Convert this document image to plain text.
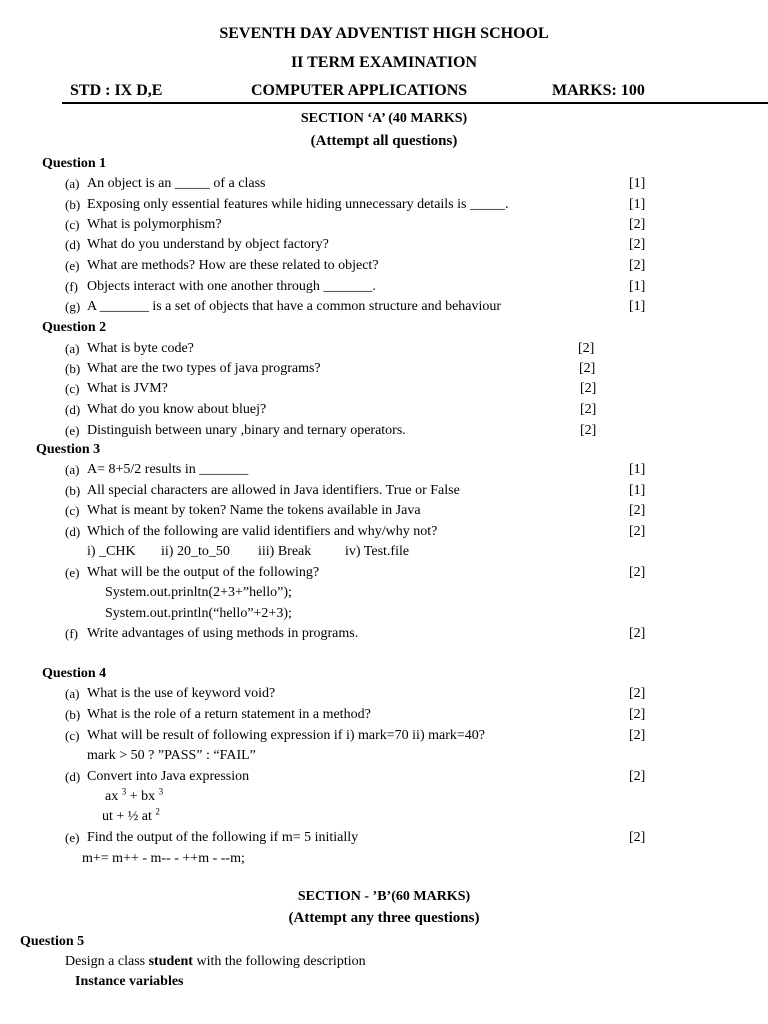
SEVENTH DAY ADVENTIST HIGH SCHOOL
II TERM EXAMINATION
STD : IX D,E	COMPUTER APPLICATIONS	MARKS: 100
SECTION ‘A’ (40 MARKS)
(Attempt all questions)
Question 1
(a) An object is an _____ of a class	[1]
(b) Exposing only essential features while hiding unnecessary details is _____.	[1]
(c) What is polymorphism?	[2]
(d) What do you understand by object factory?	[2]
(e) What are methods? How are these related to object?	[2]
(f) Objects interact with one another through _______.	[1]
(g) A _______ is a set of objects that have a common structure and behaviour	[1]
Question 2
(a) What is byte code?	[2]
(b) What are the two types of java programs?	[2]
(c) What is JVM?	[2]
(d) What do you know about bluej?	[2]
(e) Distinguish between unary ,binary and ternary operators.	[2]
Question 3
(a) A= 8+5/2 results in _______	[1]
(b) All special characters are allowed in Java identifiers. True or False	[1]
(c) What is meant by token? Name the tokens available in Java	[2]
(d) Which of the following are valid identifiers and why/why not?	[2]
i) _CHK ii) 20_to_50 iii) Break iv) Test.file
(e) What will be the output of the following?	[2]
System.out.prinltn(2+3+”hello”);
System.out.println(“hello”+2+3);
(f) Write advantages of using methods in programs.	[2]
Question 4
(a) What is the use of keyword void?	[2]
(b) What is the role of a return statement in a method?	[2]
(c) What will be result of following expression if i) mark=70 ii) mark=40?	[2]
mark > 50 ? ”PASS” : “FAIL”
(d) Convert into Java expression	[2]
ax $^3$ + bx $^3$
ut + ½ at $^2$
(e) Find the output of the following if m= 5 initially	[2]
m+= m++ - m-- - ++m - --m;
SECTION - ’B’(60 MARKS)
(Attempt any three questions)
Question 5
Design a class student with the following description
Instance variables
